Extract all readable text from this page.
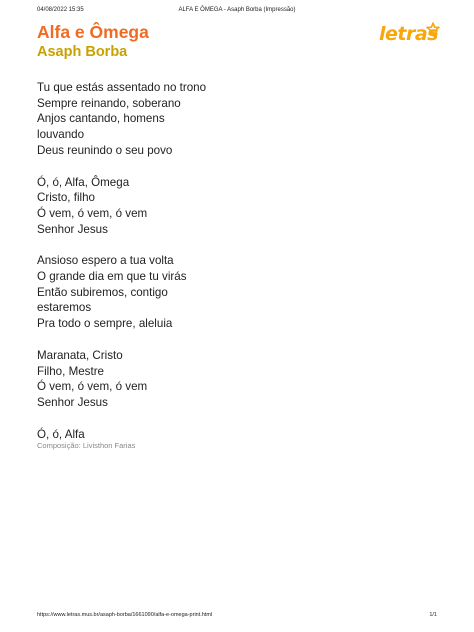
04/08/2022 15:35	ALFA E ÔMEGA - Asaph Borba (Impressão)
Alfa e Ômega
Asaph Borba
letras
Tu que estás assentado no trono
Sempre reinando, soberano
Anjos cantando, homens
louvando
Deus reunindo o seu povo
Ó, ó, Alfa, Ômega
Cristo, filho
Ó vem, ó vem, ó vem
Senhor Jesus
Ansioso espero a tua volta
O grande dia em que tu virás
Então subiremos, contigo
estaremos
Pra todo o sempre, aleluia
Maranata, Cristo
Filho, Mestre
Ó vem, ó vem, ó vem
Senhor Jesus
Ó, ó, Alfa
Composição: Livisthon Farias
https://www.letras.mus.br/asaph-borba/1661090/alfa-e-omega-print.html	1/1
